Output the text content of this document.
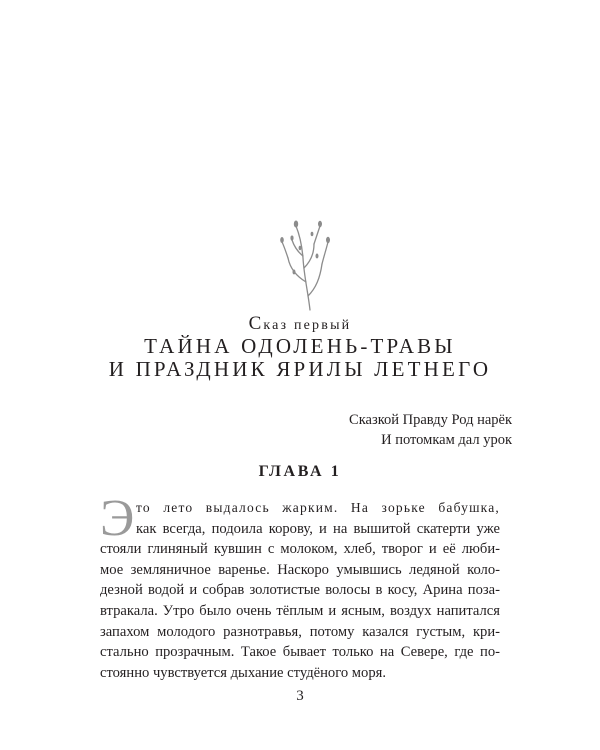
Сказ первый
ТАЙНА ОДОЛЕНЬ-ТРАВЫ
И ПРАЗДНИК ЯРИЛЫ ЛЕТНЕГО
Сказкой Правду Род нарёк
И потомкам дал урок
ГЛАВА 1
Э то лето выдалось жарким. На зорьке бабушка,
как всегда, подоила корову, и на вышитой скатерти уже
стояли глиняный кувшин с молоком, хлеб, творог и её люби-
мое земляничное варенье. Наскоро умывшись ледяной коло-
дезной водой и собрав золотистые волосы в косу, Арина поза-
втракала. Утро было очень тёплым и ясным, воздух напитался
запахом молодого разнотравья, потому казался густым, кри-
стально прозрачным. Такое бывает только на Севере, где по-
стоянно чувствуется дыхание студёного моря.
3
